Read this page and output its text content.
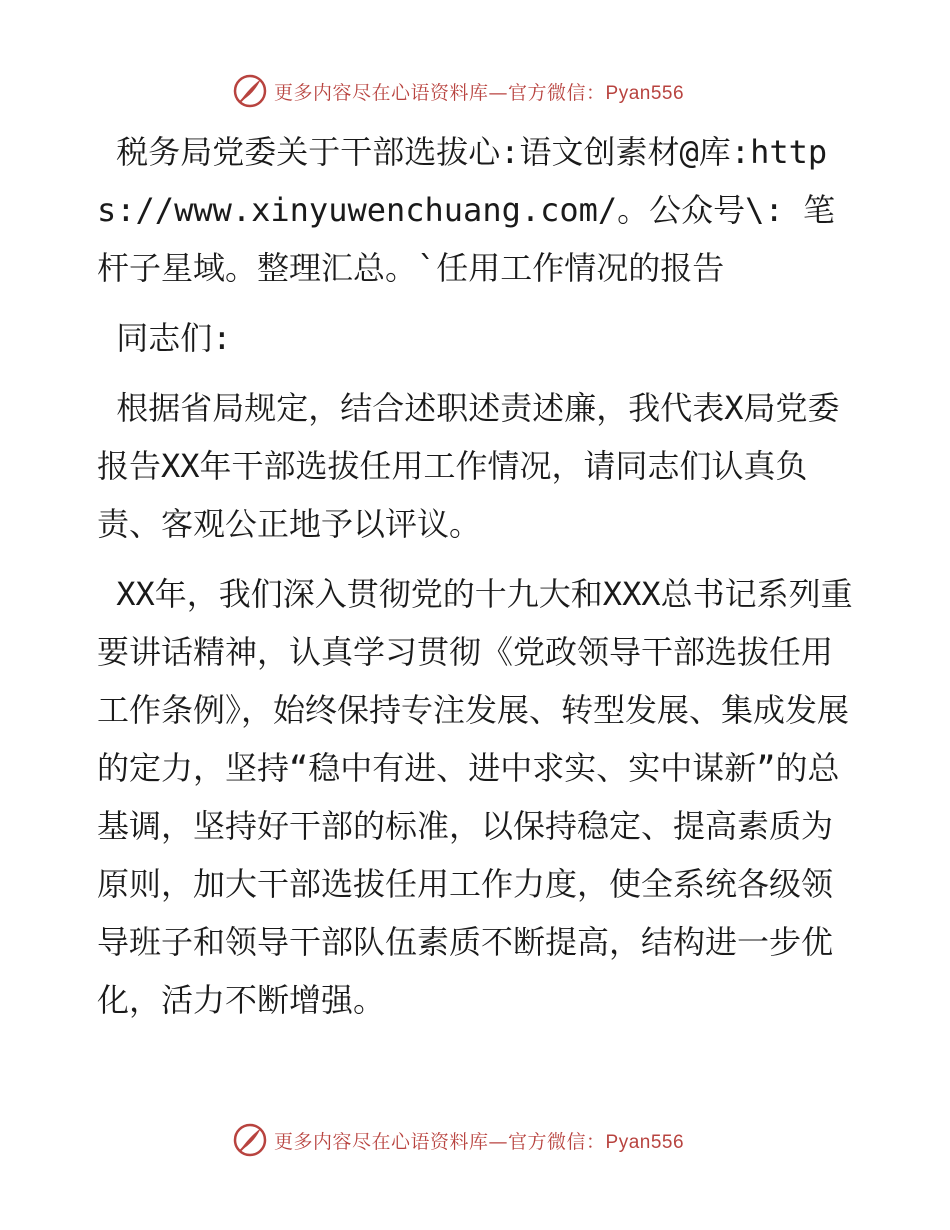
更多内容尽在心语资料库—官方微信：Pyan556

税务局党委关于干部选拔心:语文创素材@库:https://www.xinyuwenchuang.com/。公众号\: 笔杆子星域。整理汇总。`任用工作情况的报告

同志们:

根据省局规定，结合述职述责述廉，我代表X局党委报告XX年干部选拔任用工作情况，请同志们认真负责、客观公正地予以评议。

XX年，我们深入贯彻党的十九大和XXX总书记系列重要讲话精神，认真学习贯彻《党政领导干部选拔任用工作条例》，始终保持专注发展、转型发展、集成发展的定力，坚持“稳中有进、进中求实、实中谋新”的总基调，坚持好干部的标准，以保持稳定、提高素质为原则，加大干部选拔任用工作力度，使全系统各级领导班子和领导干部队伍素质不断提高，结构进一步优化，活力不断增强。

更多内容尽在心语资料库—官方微信：Pyan556
